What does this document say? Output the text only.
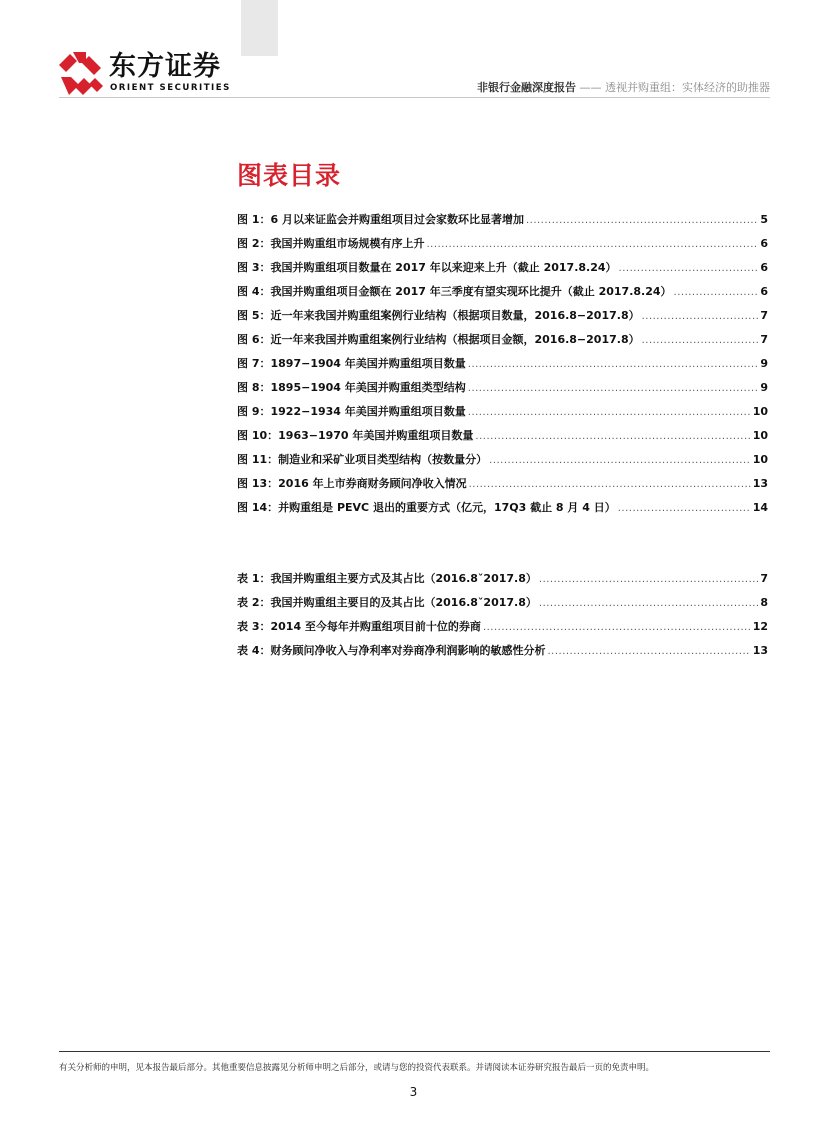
东方证券
ORIENT SECURITIES	非银行金融深度报告 —— 透视并购重组：实体经济的助推器
图表目录
图 1：6 月以来证监会并购重组项目过会家数环比显著增加 .....	5
图 2：我国并购重组市场规模有序上升 .....	6
图 3：我国并购重组项目数量在 2017 年以来迎来上升（截止 2017.8.24） .....	6
图 4：我国并购重组项目金额在 2017 年三季度有望实现环比提升（截止 2017.8.24） .....	6
图 5：近一年来我国并购重组案例行业结构（根据项目数量，2016.8−2017.8） .....	7
图 6：近一年来我国并购重组案例行业结构（根据项目金额，2016.8−2017.8） .....	7
图 7：1897−1904 年美国并购重组项目数量 .....	9
图 8：1895−1904 年美国并购重组类型结构 .....	9
图 9：1922−1934 年美国并购重组项目数量 .....	10
图 10：1963−1970 年美国并购重组项目数量 .....	10
图 11：制造业和采矿业项目类型结构（按数量分） .....	10
图 13：2016 年上市券商财务顾问净收入情况 .....	13
图 14：并购重组是 PEVC 退出的重要方式（亿元，17Q3 截止 8 月 4 日） .....	14
表 1：我国并购重组主要方式及其占比（2016.8ˇ2017.8） .....	7
表 2：我国并购重组主要目的及其占比（2016.8ˇ2017.8） .....	8
表 3：2014 至今每年并购重组项目前十位的券商 .....	12
表 4：财务顾问净收入与净利率对券商净利润影响的敏感性分析 .....	13
有关分析师的申明，见本报告最后部分。其他重要信息披露见分析师申明之后部分，或请与您的投资代表联系。并请阅读本证券研究报告最后一页的免责申明。
3
